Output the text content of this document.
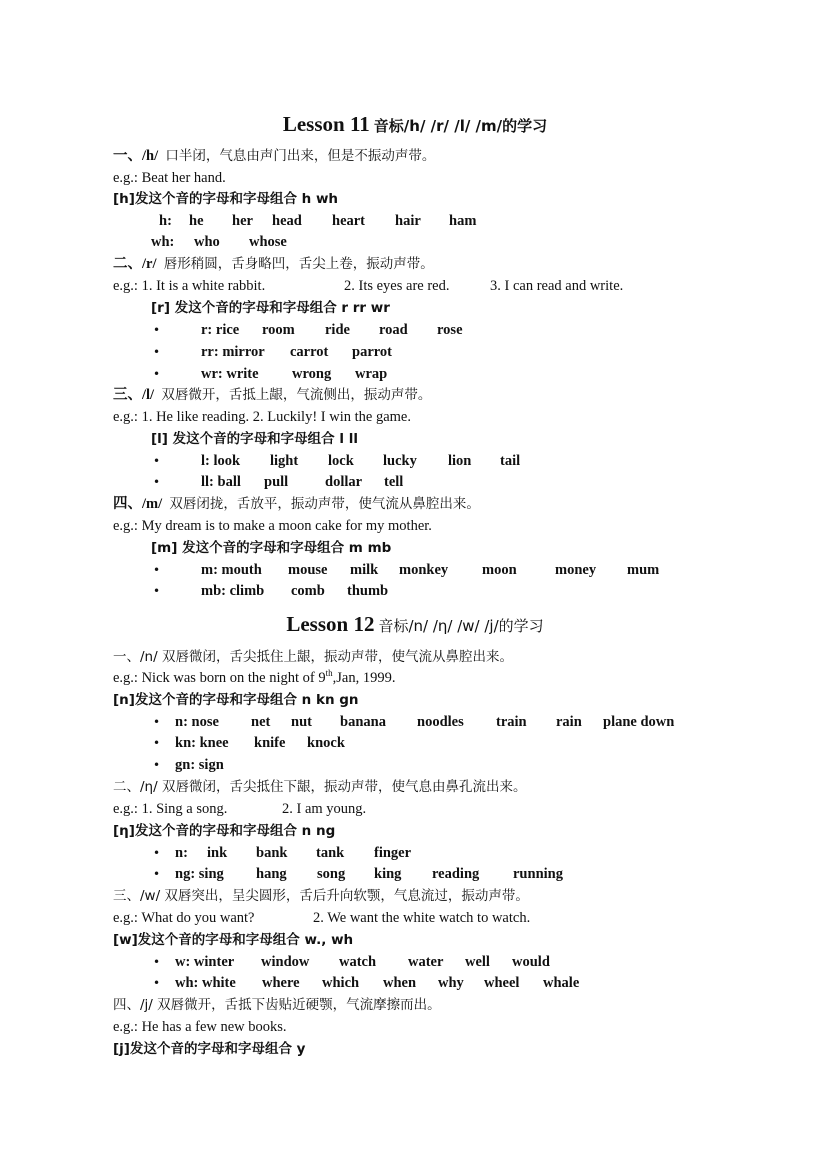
Lesson 11 音标/h/ /r/ /l/ /m/的学习
一、/h/ 口半闭，气息由声门出来，但是不振动声带。
e.g.: Beat her hand.
[h]发这个音的字母和字母组合 h wh
h: he her head heart hair ham
wh: who whose
二、/r/ 唇形稍圆，舌身略凹，舌尖上卷，振动声带。
e.g.: 1. It is a white rabbit.	2. Its eyes are red.	3. I can read and write.
[r] 发这个音的字母和字母组合 r rr wr
•	r: rice room ride road rose
•	rr: mirror carrot parrot
•	wr: write wrong wrap
三、/l/ 双唇微开，舌抵上龈，气流侧出，振动声带。
e.g.: 1. He like reading. 2. Luckily! I win the game.
[l] 发这个音的字母和字母组合 l ll
•	l: look light lock lucky lion tail
•	ll: ball pull	dollar tell
四、/m/ 双唇闭拢，舌放平，振动声带，使气流从鼻腔出来。
e.g.: My dream is to make a moon cake for my mother.
[m] 发这个音的字母和字母组合 m mb
•	m: mouth mouse milk monkey moon	money mum
•	mb: climb comb thumb
Lesson 12 音标/n/ /η/ /w/ /j/的学习
一、/n/ 双唇微闭，舌尖抵住上龈，振动声带，使气流从鼻腔出来。
e.g.: Nick was born on the night of 9th,Jan, 1999.
[n]发这个音的字母和字母组合 n kn gn
• n: nose net nut banana noodles train rain plane down
• kn: knee knife knock
• gn: sign
二、/η/ 双唇微闭，舌尖抵住下龈，振动声带，使气息由鼻孔流出来。
e.g.: 1. Sing a song.	2. I am young.
[η]发这个音的字母和字母组合 n ng
• n: ink bank tank finger
• ng: sing hang song king reading running
三、/w/ 双唇突出，呈尖圆形，舌后升向软颚，气息流过，振动声带。
e.g.: What do you want?	2. We want the white watch to watch.
[w]发这个音的字母和字母组合 w., wh
• w: winter window watch water well would
• wh: white where which when why wheel whale
四、/j/ 双唇微开，舌抵下齿贴近硬颚，气流摩擦而出。
e.g.: He has a few new books.
[j]发这个音的字母和字母组合 y
